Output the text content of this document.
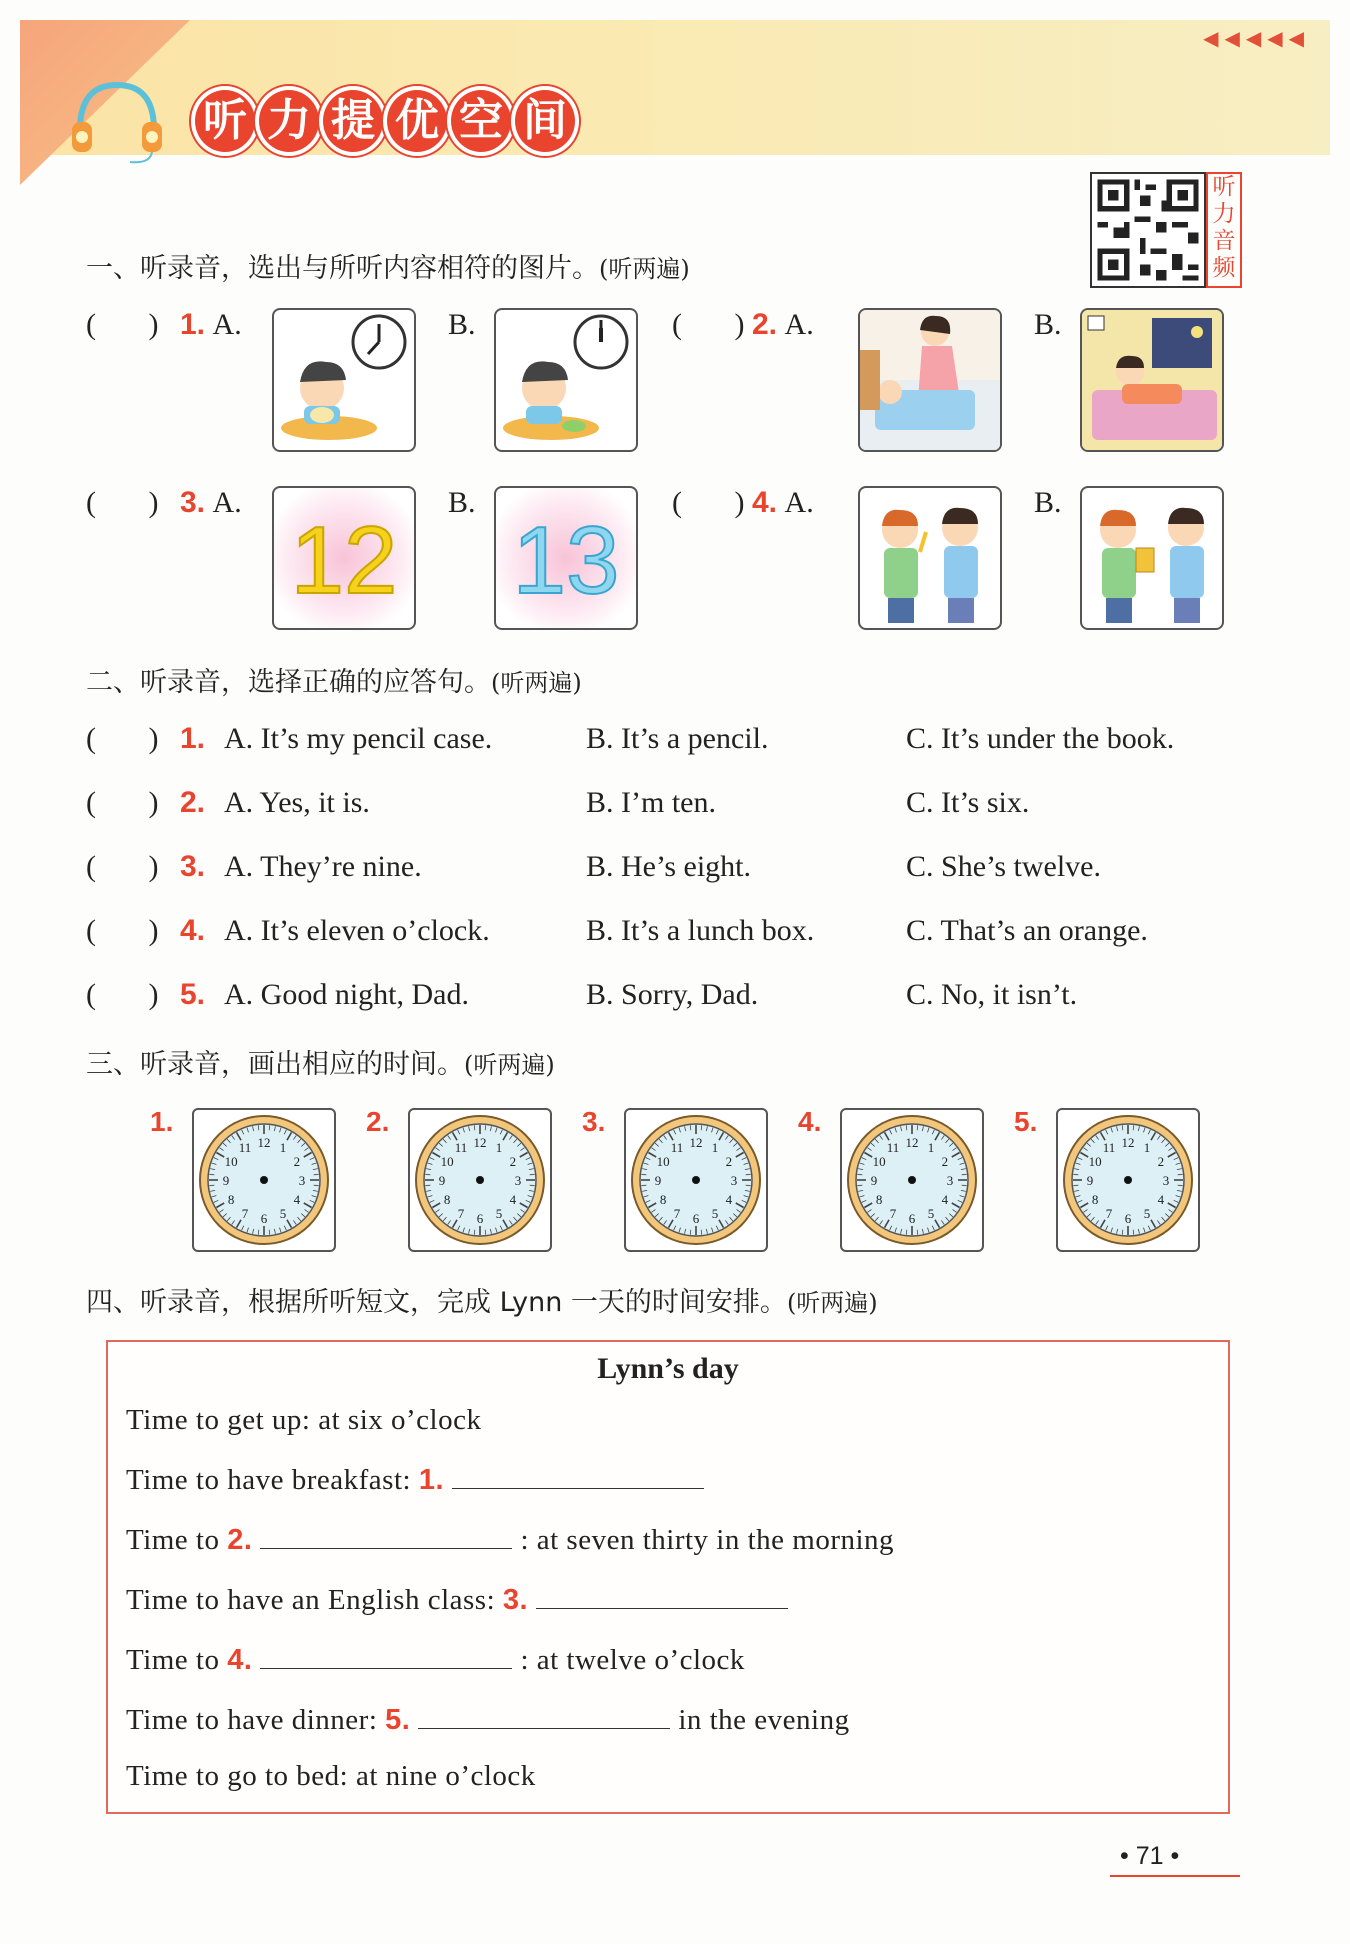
◀◀◀◀◀
听 力 提 优 空 间
听
力
音
频
一、听录音，选出与所听内容相符的图片。(听两遍)
(       ) 1. A.	B.	(       ) 2. A.	B.
(       ) 3. A.
12
B.
13
(       ) 4. A.	B.
二、听录音，选择正确的应答句。(听两遍)
(       ) 1. A. It’s my pencil case.	B. It’s a pencil.	C. It’s under the book.
(       ) 2. A. Yes, it is.	B. I’m ten.	C. It’s six.
(       ) 3. A. They’re nine.	B. He’s eight.	C. She’s twelve.
(       ) 4. A. It’s eleven o’clock.	B. It’s a lunch box.	C. That’s an orange.
(       ) 5. A. Good night, Dad.	B. Sorry, Dad.	C. No, it isn’t.
三、听录音，画出相应的时间。(听两遍)
1.
1
2
3
4
5
6
7
8
9
10
11 12
2.
1
2
3
4
5
6
7
8
9
10
11 12
3.
1
2
3
4
5
6
7
8
9
10
11 12
4.
1
2
3
4
5
6
7
8
9
10
11 12
5.
1
2
3
4
5
6
7
8
9
10
11 12
四、听录音，根据所听短文，完成 Lynn 一天的时间安排。(听两遍)
Lynn’s day
Time to get up: at six o’clock
Time to have breakfast: 1.
Time to 2.	: at seven thirty in the morning
Time to have an English class: 3.
Time to 4.	: at twelve o’clock
Time to have dinner: 5.	in the evening
Time to go to bed: at nine o’clock
• 71 •
